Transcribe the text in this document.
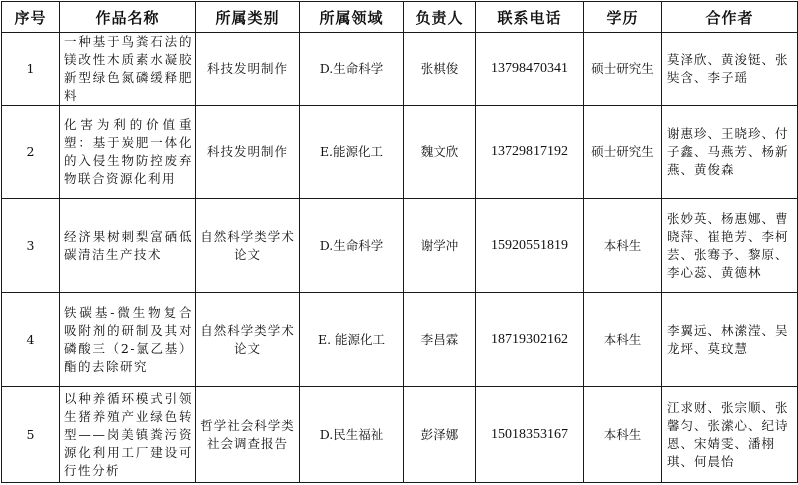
序号	作品名称	所属类别	所属领域	负责人	联系电话	学历	合作者
1	一种基于鸟粪石法的镁改性木质素水凝胶新型绿色氮磷缓释肥料	科技发明制作	D.生命科学	张棋俊	13798470341	硕士研究生	莫泽欣、黄浚铤、张奘含、李子瑶
2	化害为利的价值重塑：基于炭肥一体化的入侵生物防控废弃物联合资源化利用	科技发明制作	E.能源化工	魏文欣	13729817192	硕士研究生	谢惠珍、王晓珍、付子鑫、马燕芳、杨新燕、黄俊森
3	经济果树刺梨富硒低碳清洁生产技术	自然科学类学术论文	D.生命科学	谢学冲	15920551819	本科生	张妙英、杨惠娜、曹晓萍、崔艳芳、李柯芸、张骞予、黎原、李心蕊、黄德林
4	铁碳基-微生物复合吸附剂的研制及其对磷酸三（2-氯乙基）酯的去除研究	自然科学类学术论文	E. 能源化工	李昌霖	18719302162	本科生	李翼远、林潆滢、吴龙坪、莫玟慧
5	以种养循环模式引领生猪养殖产业绿色转型——岗美镇粪污资源化利用工厂建设可行性分析	哲学社会科学类社会调查报告	D.民生福祉	彭泽娜	15018353167	本科生	江求财、张宗顺、张馨匀、张潆心、纪诗恩、宋婧雯、潘栩琪、何晨怡
